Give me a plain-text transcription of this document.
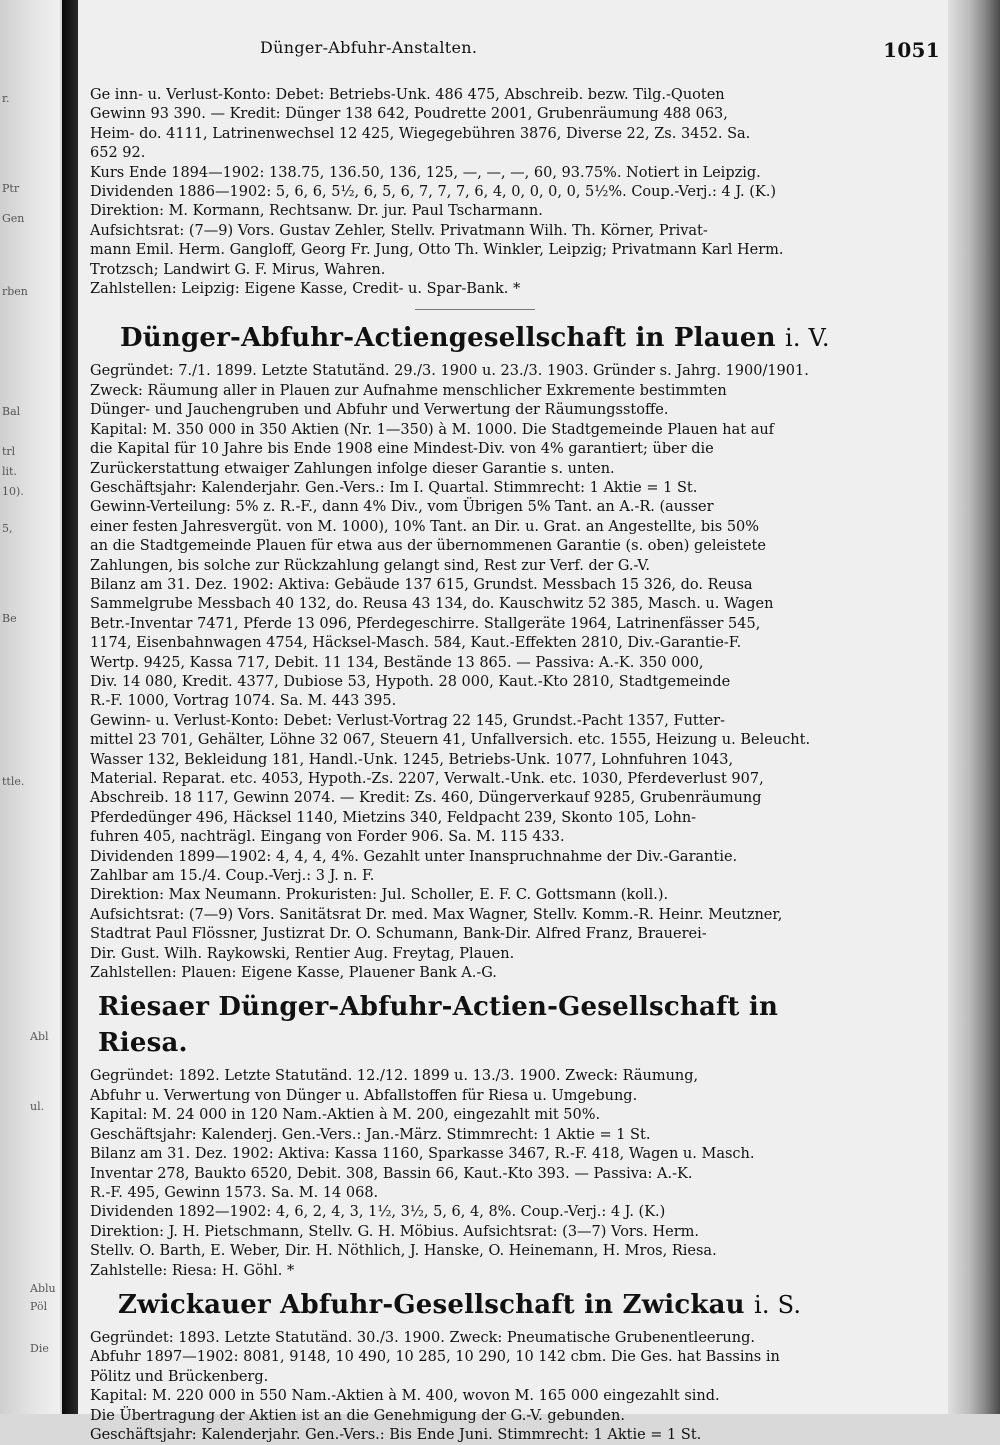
r.
Ptr
Gen
rben
Bal
trl
lit.
10).
5,
Be
ttle.
Abl
ul.
Ablu
Pöl
Die
Dünger-Abfuhr-Anstalten.	1051

Ge inn- u. Verlust-Konto: Debet: Betriebs-Unk. 486 475, Abschreib. bezw. Tilg.-Quoten

Gewinn 93 390. — Kredit: Dünger 138 642, Poudrette 2001, Grubenräumung 488 063,

Heim- do. 4111, Latrinenwechsel 12 425, Wiegegebühren 3876, Diverse 22, Zs. 3452. Sa.

652 92.

Kurs Ende 1894—1902: 138.75, 136.50, 136, 125, —, —, —, 60, 93.75%. Notiert in Leipzig.

Dividenden 1886—1902: 5, 6, 6, 5½, 6, 5, 6, 7, 7, 7, 6, 4, 0, 0, 0, 0, 5½%. Coup.-Verj.: 4 J. (K.)

Direktion: M. Kormann, Rechtsanw. Dr. jur. Paul Tscharmann.

Aufsichtsrat: (7—9) Vors. Gustav Zehler, Stellv. Privatmann Wilh. Th. Körner, Privat-

mann Emil. Herm. Gangloff, Georg Fr. Jung, Otto Th. Winkler, Leipzig; Privatmann Karl Herm.

Trotzsch; Landwirt G. F. Mirus, Wahren.

Zahlstellen: Leipzig: Eigene Kasse, Credit- u. Spar-Bank. *

Dünger-Abfuhr-Actiengesellschaft in Plauen i. V.

Gegründet: 7./1. 1899. Letzte Statutänd. 29./3. 1900 u. 23./3. 1903. Gründer s. Jahrg. 1900/1901.

Zweck: Räumung aller in Plauen zur Aufnahme menschlicher Exkremente bestimmten

Dünger- und Jauchengruben und Abfuhr und Verwertung der Räumungsstoffe.

Kapital: M. 350 000 in 350 Aktien (Nr. 1—350) à M. 1000. Die Stadtgemeinde Plauen hat auf

die Kapital für 10 Jahre bis Ende 1908 eine Mindest-Div. von 4% garantiert; über die

Zurückerstattung etwaiger Zahlungen infolge dieser Garantie s. unten.

Geschäftsjahr: Kalenderjahr. Gen.-Vers.: Im I. Quartal. Stimmrecht: 1 Aktie = 1 St.

Gewinn-Verteilung: 5% z. R.-F., dann 4% Div., vom Übrigen 5% Tant. an A.-R. (ausser

einer festen Jahresvergüt. von M. 1000), 10% Tant. an Dir. u. Grat. an Angestellte, bis 50%

an die Stadtgemeinde Plauen für etwa aus der übernommenen Garantie (s. oben) geleistete

Zahlungen, bis solche zur Rückzahlung gelangt sind, Rest zur Verf. der G.-V.

Bilanz am 31. Dez. 1902: Aktiva: Gebäude 137 615, Grundst. Messbach 15 326, do. Reusa

Sammelgrube Messbach 40 132, do. Reusa 43 134, do. Kauschwitz 52 385, Masch. u. Wagen

Betr.-Inventar 7471, Pferde 13 096, Pferdegeschirre. Stallgeräte 1964, Latrinenfässer 545,

1174, Eisenbahnwagen 4754, Häcksel-Masch. 584, Kaut.-Effekten 2810, Div.-Garantie-F.

Wertp. 9425, Kassa 717, Debit. 11 134, Bestände 13 865. — Passiva: A.-K. 350 000,

Div. 14 080, Kredit. 4377, Dubiose 53, Hypoth. 28 000, Kaut.-Kto 2810, Stadtgemeinde

R.-F. 1000, Vortrag 1074. Sa. M. 443 395.

Gewinn- u. Verlust-Konto: Debet: Verlust-Vortrag 22 145, Grundst.-Pacht 1357, Futter-

mittel 23 701, Gehälter, Löhne 32 067, Steuern 41, Unfallversich. etc. 1555, Heizung u. Beleucht.

Wasser 132, Bekleidung 181, Handl.-Unk. 1245, Betriebs-Unk. 1077, Lohnfuhren 1043,

Material. Reparat. etc. 4053, Hypoth.-Zs. 2207, Verwalt.-Unk. etc. 1030, Pferdeverlust 907,

Abschreib. 18 117, Gewinn 2074. — Kredit: Zs. 460, Düngerverkauf 9285, Grubenräumung

Pferdedünger 496, Häcksel 1140, Mietzins 340, Feldpacht 239, Skonto 105, Lohn-

fuhren 405, nachträgl. Eingang von Forder 906. Sa. M. 115 433.

Dividenden 1899—1902: 4, 4, 4, 4%. Gezahlt unter Inanspruchnahme der Div.-Garantie.

Zahlbar am 15./4. Coup.-Verj.: 3 J. n. F.

Direktion: Max Neumann. Prokuristen: Jul. Scholler, E. F. C. Gottsmann (koll.).

Aufsichtsrat: (7—9) Vors. Sanitätsrat Dr. med. Max Wagner, Stellv. Komm.-R. Heinr. Meutzner,

Stadtrat Paul Flössner, Justizrat Dr. O. Schumann, Bank-Dir. Alfred Franz, Brauerei-

Dir. Gust. Wilh. Raykowski, Rentier Aug. Freytag, Plauen.

Zahlstellen: Plauen: Eigene Kasse, Plauener Bank A.-G.

Riesaer Dünger-Abfuhr-Actien-Gesellschaft in Riesa.

Gegründet: 1892. Letzte Statutänd. 12./12. 1899 u. 13./3. 1900. Zweck: Räumung,

Abfuhr u. Verwertung von Dünger u. Abfallstoffen für Riesa u. Umgebung.

Kapital: M. 24 000 in 120 Nam.-Aktien à M. 200, eingezahlt mit 50%.

Geschäftsjahr: Kalenderj. Gen.-Vers.: Jan.-März. Stimmrecht: 1 Aktie = 1 St.

Bilanz am 31. Dez. 1902: Aktiva: Kassa 1160, Sparkasse 3467, R.-F. 418, Wagen u. Masch.

Inventar 278, Baukto 6520, Debit. 308, Bassin 66, Kaut.-Kto 393. — Passiva: A.-K.

R.-F. 495, Gewinn 1573. Sa. M. 14 068.

Dividenden 1892—1902: 4, 6, 2, 4, 3, 1½, 3½, 5, 6, 4, 8%. Coup.-Verj.: 4 J. (K.)

Direktion: J. H. Pietschmann, Stellv. G. H. Möbius. Aufsichtsrat: (3—7) Vors. Herm.

Stellv. O. Barth, E. Weber, Dir. H. Nöthlich, J. Hanske, O. Heinemann, H. Mros, Riesa.

Zahlstelle: Riesa: H. Göhl. *

Zwickauer Abfuhr-Gesellschaft in Zwickau i. S.

Gegründet: 1893. Letzte Statutänd. 30./3. 1900. Zweck: Pneumatische Grubenentleerung.

Abfuhr 1897—1902: 8081, 9148, 10 490, 10 285, 10 290, 10 142 cbm. Die Ges. hat Bassins in

Pölitz und Brückenberg.

Kapital: M. 220 000 in 550 Nam.-Aktien à M. 400, wovon M. 165 000 eingezahlt sind.

Die Übertragung der Aktien ist an die Genehmigung der G.-V. gebunden.

Geschäftsjahr: Kalenderjahr. Gen.-Vers.: Bis Ende Juni. Stimmrecht: 1 Aktie = 1 St.
